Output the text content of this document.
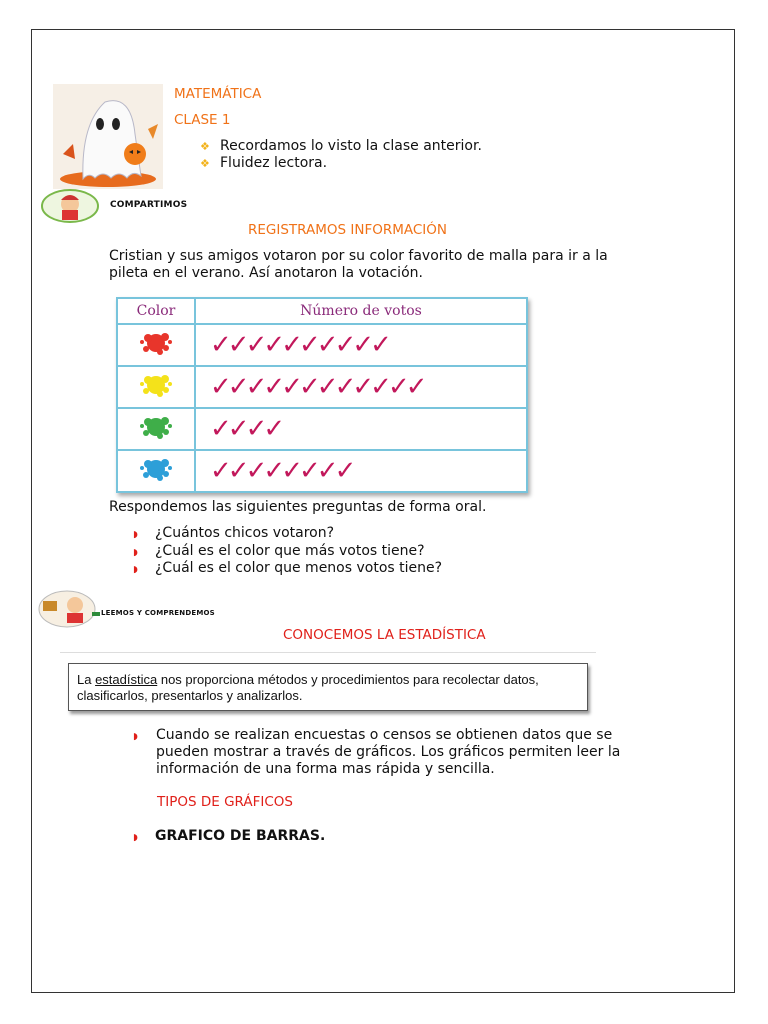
MATEMÁTICA
CLASE 1
❖ Recordamos lo visto la clase anterior.
❖ Fluidez lectora.
COMPARTIMOS
REGISTRAMOS INFORMACIÓN
Cristian y sus amigos votaron por su color favorito de malla para ir a la pileta en el verano. Así anotaron la votación.
Color	Número de votos
	✓✓✓✓✓✓✓✓✓✓
	✓✓✓✓✓✓✓✓✓✓✓✓
	✓✓✓✓
	✓✓✓✓✓✓✓✓
Respondemos las siguientes preguntas de forma oral.
◗ ¿Cuántos chicos votaron?
◗ ¿Cuál es el color que más votos tiene?
◗ ¿Cuál es el color que menos votos tiene?
LEEMOS Y COMPRENDEMOS
CONOCEMOS LA ESTADÍSTICA
La estadística nos proporciona métodos y procedimientos para recolectar datos, clasificarlos, presentarlos y analizarlos.
◗	Cuando se realizan encuestas o censos se obtienen datos que se pueden mostrar a través de gráficos. Los gráficos permiten leer la información de una forma mas rápida y sencilla.
TIPOS DE GRÁFICOS
◗ GRAFICO DE BARRAS.
